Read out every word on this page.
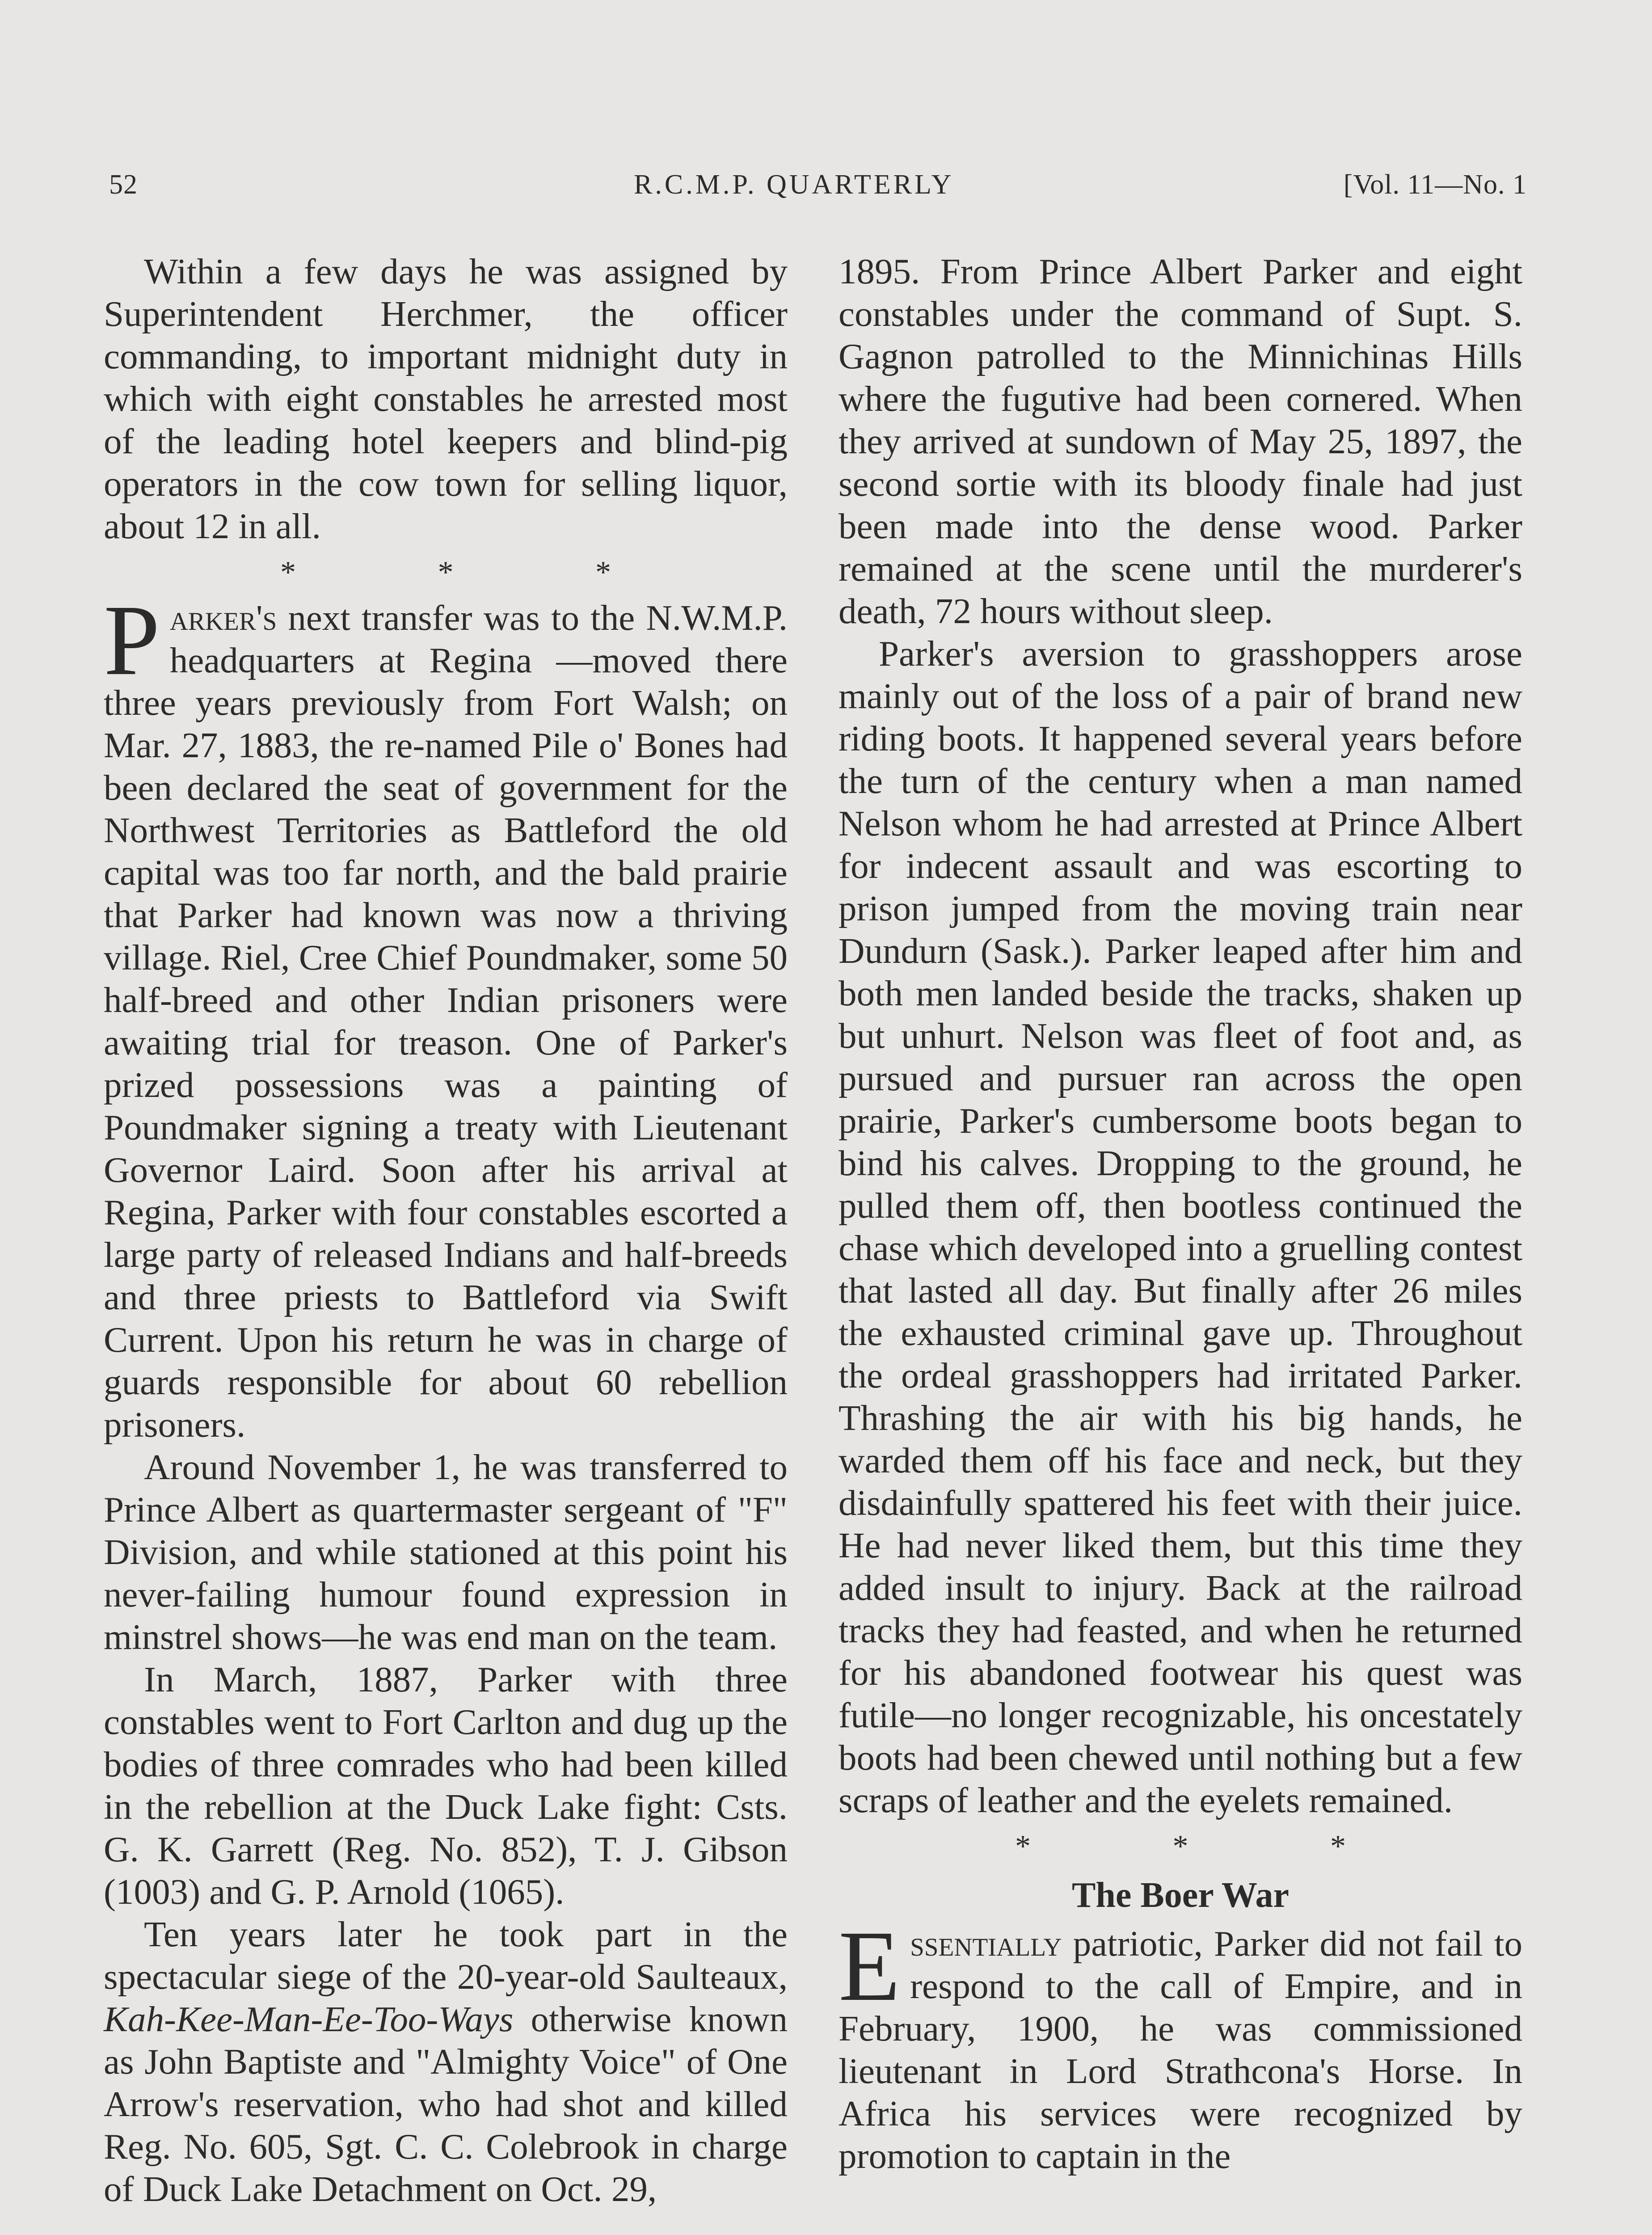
52	R.C.M.P. QUARTERLY	[Vol. 11—No. 1

Within a few days he was assigned by Superintendent Herchmer, the officer commanding, to important midnight duty in which with eight constables he arrested most of the leading hotel keepers and blind-pig operators in the cow town for selling liquor, about 12 in all.

* * *

Parker's next transfer was to the N.W.M.P. headquarters at Regina —moved there three years previously from Fort Walsh; on Mar. 27, 1883, the re-named Pile o' Bones had been declared the seat of government for the Northwest Territories as Battleford the old capital was too far north, and the bald prairie that Parker had known was now a thriving village. Riel, Cree Chief Poundmaker, some 50 half-breed and other Indian prisoners were awaiting trial for treason. One of Parker's prized possessions was a painting of Poundmaker signing a treaty with Lieutenant Governor Laird. Soon after his arrival at Regina, Parker with four constables escorted a large party of released Indians and half-breeds and three priests to Battleford via Swift Current. Upon his return he was in charge of guards responsible for about 60 rebellion prisoners.

Around November 1, he was transferred to Prince Albert as quartermaster sergeant of "F" Division, and while stationed at this point his never-failing humour found expression in minstrel shows—he was end man on the team.

In March, 1887, Parker with three constables went to Fort Carlton and dug up the bodies of three comrades who had been killed in the rebellion at the Duck Lake fight: Csts. G. K. Garrett (Reg. No. 852), T. J. Gibson (1003) and G. P. Arnold (1065).

Ten years later he took part in the spectacular siege of the 20-year-old Saulteaux, Kah-Kee-Man-Ee-Too-Ways otherwise known as John Baptiste and "Almighty Voice" of One Arrow's reservation, who had shot and killed Reg. No. 605, Sgt. C. C. Colebrook in charge of Duck Lake Detachment on Oct. 29,

1895. From Prince Albert Parker and eight constables under the command of Supt. S. Gagnon patrolled to the Minnichinas Hills where the fugutive had been cornered. When they arrived at sundown of May 25, 1897, the second sortie with its bloody finale had just been made into the dense wood. Parker remained at the scene until the murderer's death, 72 hours without sleep.

Parker's aversion to grasshoppers arose mainly out of the loss of a pair of brand new riding boots. It happened several years before the turn of the century when a man named Nelson whom he had arrested at Prince Albert for indecent assault and was escorting to prison jumped from the moving train near Dundurn (Sask.). Parker leaped after him and both men landed beside the tracks, shaken up but unhurt. Nelson was fleet of foot and, as pursued and pursuer ran across the open prairie, Parker's cumbersome boots began to bind his calves. Dropping to the ground, he pulled them off, then bootless continued the chase which developed into a gruelling contest that lasted all day. But finally after 26 miles the exhausted criminal gave up. Throughout the ordeal grasshoppers had irritated Parker. Thrashing the air with his big hands, he warded them off his face and neck, but they disdainfully spattered his feet with their juice. He had never liked them, but this time they added insult to injury. Back at the railroad tracks they had feasted, and when he returned for his abandoned footwear his quest was futile—no longer recognizable, his oncestately boots had been chewed until nothing but a few scraps of leather and the eyelets remained.

* * *
The Boer War

Essentially patriotic, Parker did not fail to respond to the call of Empire, and in February, 1900, he was commissioned lieutenant in Lord Strathcona's Horse. In Africa his services were recognized by promotion to captain in the
